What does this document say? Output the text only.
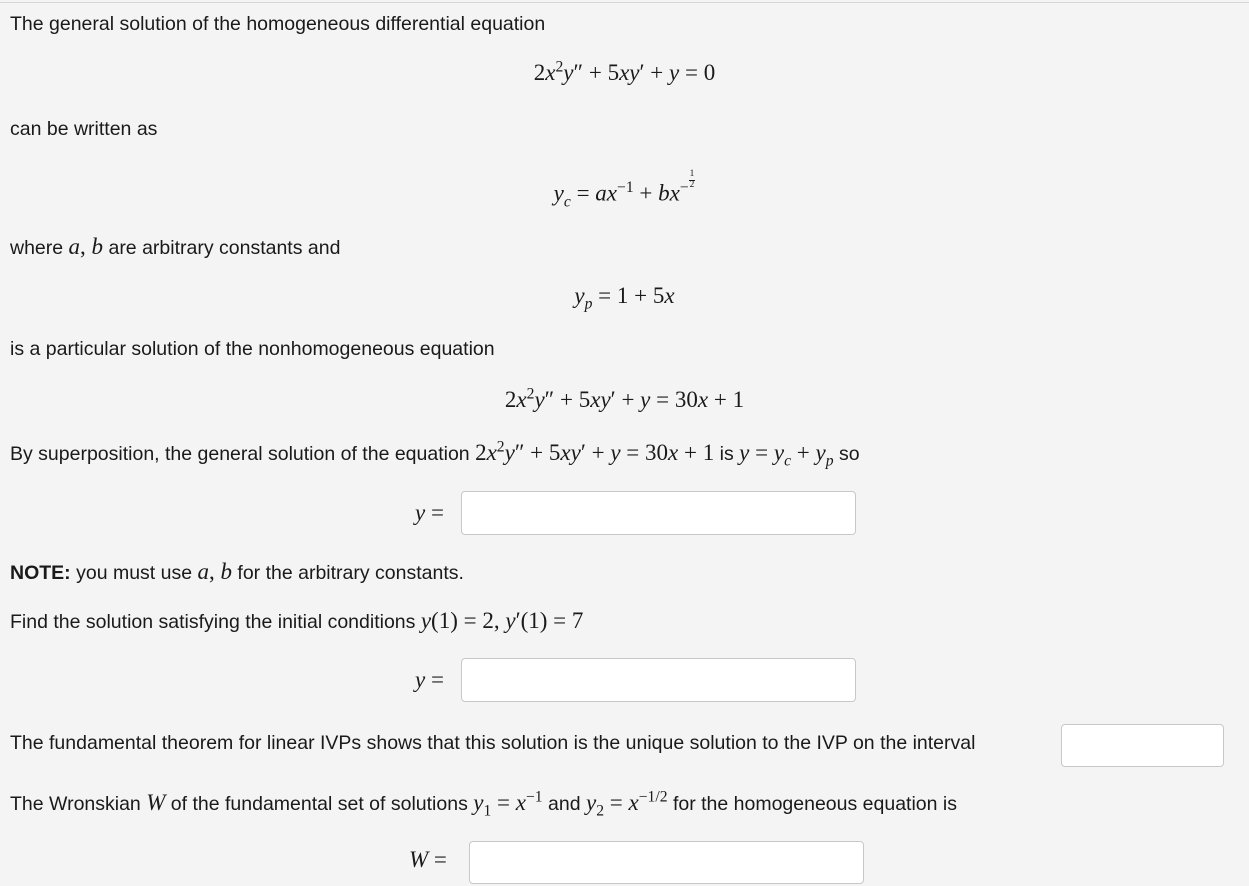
The general solution of the homogeneous differential equation
$2x^2y'' + 5xy' + y = 0$
can be written as
$y_c = ax^{-1} + bx^{- \frac{1}{2}}$
where a, b are arbitrary constants and
$y_p = 1 + 5x$
is a particular solution of the nonhomogeneous equation
$2x^2y'' + 5xy' + y = 30x + 1$
By superposition, the general solution of the equation $2x^2y'' + 5xy' + y = 30x + 1$ is $y = y_c + y_p$ so
y =
NOTE: you must use a, b for the arbitrary constants.
Find the solution satisfying the initial conditions y(1) = 2, y′(1) = 7
y =
The fundamental theorem for linear IVPs shows that this solution is the unique solution to the IVP on the interval
The Wronskian W of the fundamental set of solutions $y_1 = x^{-1}$ and $y_2 = x^{-1/2}$ for the homogeneous equation is
W =
